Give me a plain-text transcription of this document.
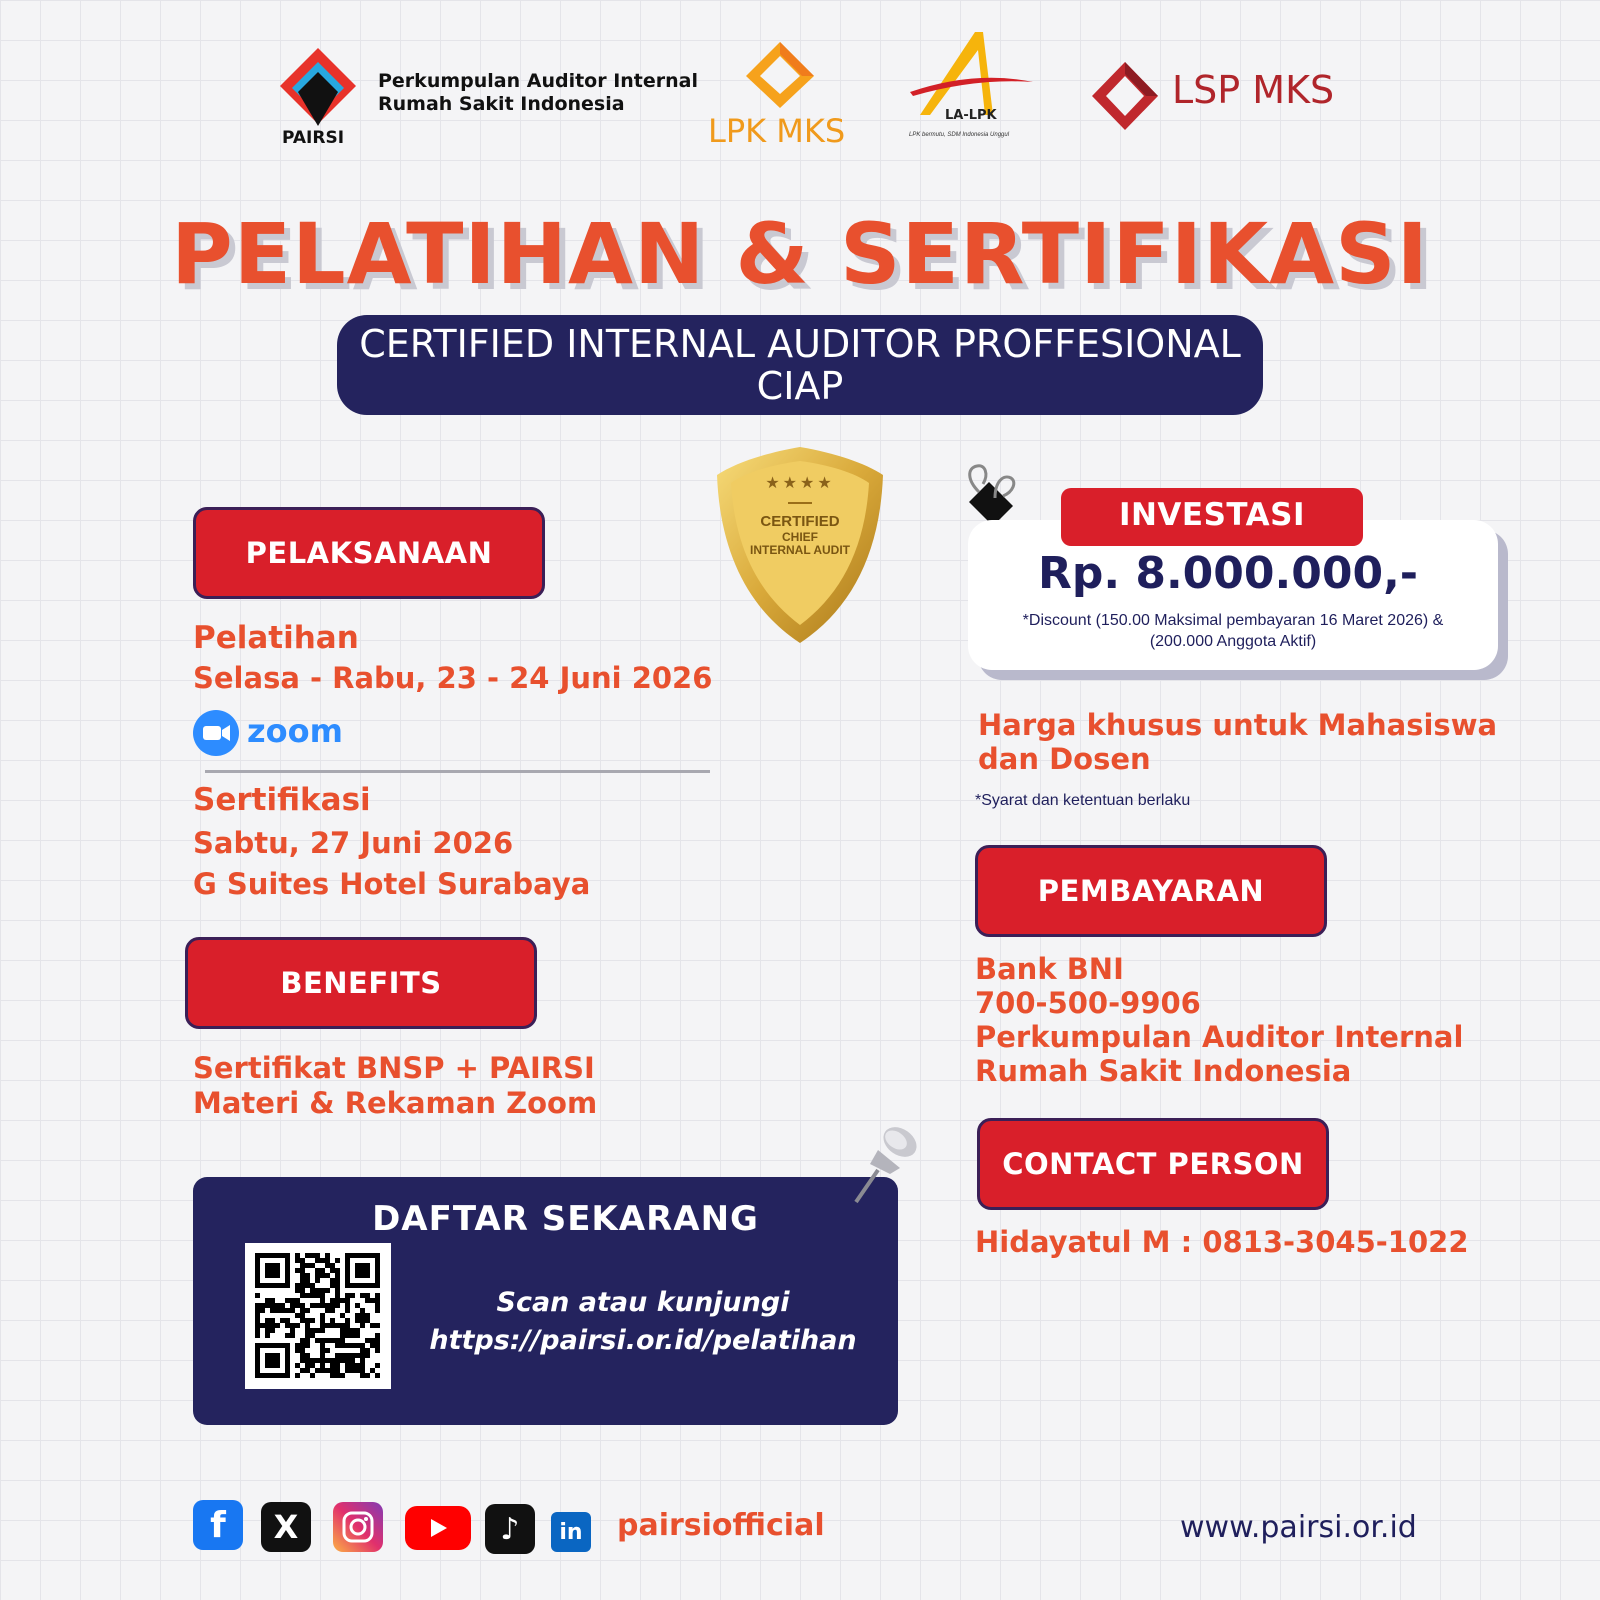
PAIRSI
Perkumpulan Auditor Internal
Rumah Sakit Indonesia
LPK MKS	LA-LPK
LPK bermutu, SDM Indonesia Unggul
LSP MKS
PELATIHAN & SERTIFIKASI
CERTIFIED INTERNAL AUDITOR PROFFESIONAL
CIAP
★★★★
CERTIFIED
CHIEF
INTERNAL AUDIT
PELAKSANAAN
Pelatihan
Selasa - Rabu, 23 - 24 Juni 2026
zoom
Sertifikasi
Sabtu, 27 Juni 2026
G Suites Hotel Surabaya
BENEFITS
Sertifikat BNSP + PAIRSI
Materi & Rekaman Zoom
DAFTAR SEKARANG
Scan atau kunjungi
https://pairsi.or.id/pelatihan
Rp. 8.000.000,-
*Discount (150.00 Maksimal pembayaran 16 Maret 2026) &
(200.000 Anggota Aktif)
INVESTASI
Harga khusus untuk Mahasiswa
dan Dosen
*Syarat dan ketentuan berlaku
PEMBAYARAN
Bank BNI
700-500-9906
Perkumpulan Auditor Internal
Rumah Sakit Indonesia
CONTACT PERSON
Hidayatul M : 0813-3045-1022
f	X	♪	in pairsiofficial	www.pairsi.or.id
